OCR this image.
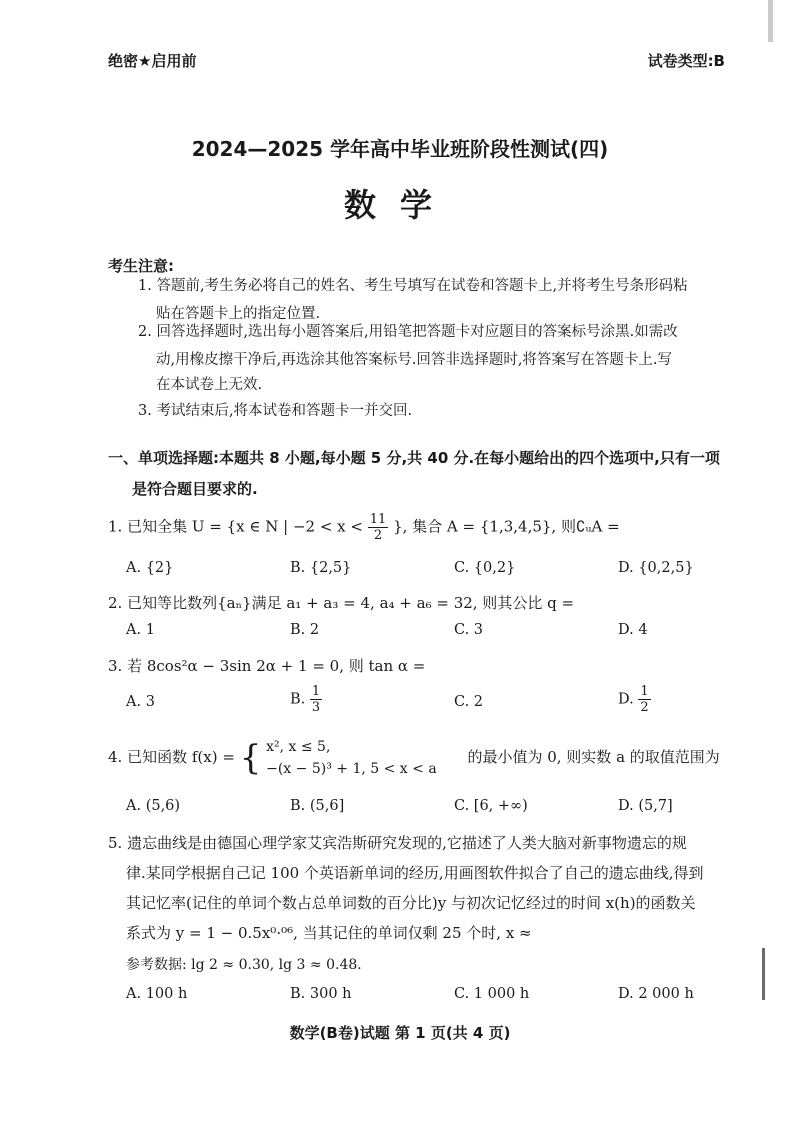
绝密★启用前	试卷类型:B
2024—2025 学年高中毕业班阶段性测试(四)
数学
考生注意:
1. 答题前,考生务必将自己的姓名、考生号填写在试卷和答题卡上,并将考生号条形码粘
贴在答题卡上的指定位置.
2. 回答选择题时,选出每小题答案后,用铅笔把答题卡对应题目的答案标号涂黑.如需改
动,用橡皮擦干净后,再选涂其他答案标号.回答非选择题时,将答案写在答题卡上.写
在本试卷上无效.
3. 考试结束后,将本试卷和答题卡一并交回.
一、单项选择题:本题共 8 小题,每小题 5 分,共 40 分.在每小题给出的四个选项中,只有一项
是符合题目要求的.
1. 已知全集 U = {x ∈ N | $-2 < x < \frac{11}{2}$ }, 集合 A = {1,3,4,5}, 则∁ᵤA =
A. {2}	B. {2,5}	C. {0,2}	D. {0,2,5}
2. 已知等比数列{aₙ}满足 a₁ + a₃ = 4, a₄ + a₆ = 32, 则其公比 q =
A. 1	B. 2	C. 3	D. 4
3. 若 8cos²α − 3sin 2α + 1 = 0, 则 tan α =
A. 3	B. $\frac{1}{3}$	C. 2	D. $\frac{1}{2}$
4. 已知函数 f(x) = { x², x ≤ 5,
−(x − 5)³ + 1, 5 < x < a
的最小值为 0, 则实数 a 的取值范围为
A. (5,6)	B. (5,6]	C. [6, +∞)	D. (5,7]
5. 遗忘曲线是由德国心理学家艾宾浩斯研究发现的,它描述了人类大脑对新事物遗忘的规
律.某同学根据自己记 100 个英语新单词的经历,用画图软件拟合了自己的遗忘曲线,得到
其记忆率(记住的单词个数占总单词数的百分比)y 与初次记忆经过的时间 x(h)的函数关
系式为 y = 1 − 0.5x⁰·⁰⁶, 当其记住的单词仅剩 25 个时, x ≈
参考数据: lg 2 ≈ 0.30, lg 3 ≈ 0.48.
A. 100 h	B. 300 h	C. 1 000 h	D. 2 000 h
数学(B卷)试题 第 1 页(共 4 页)
